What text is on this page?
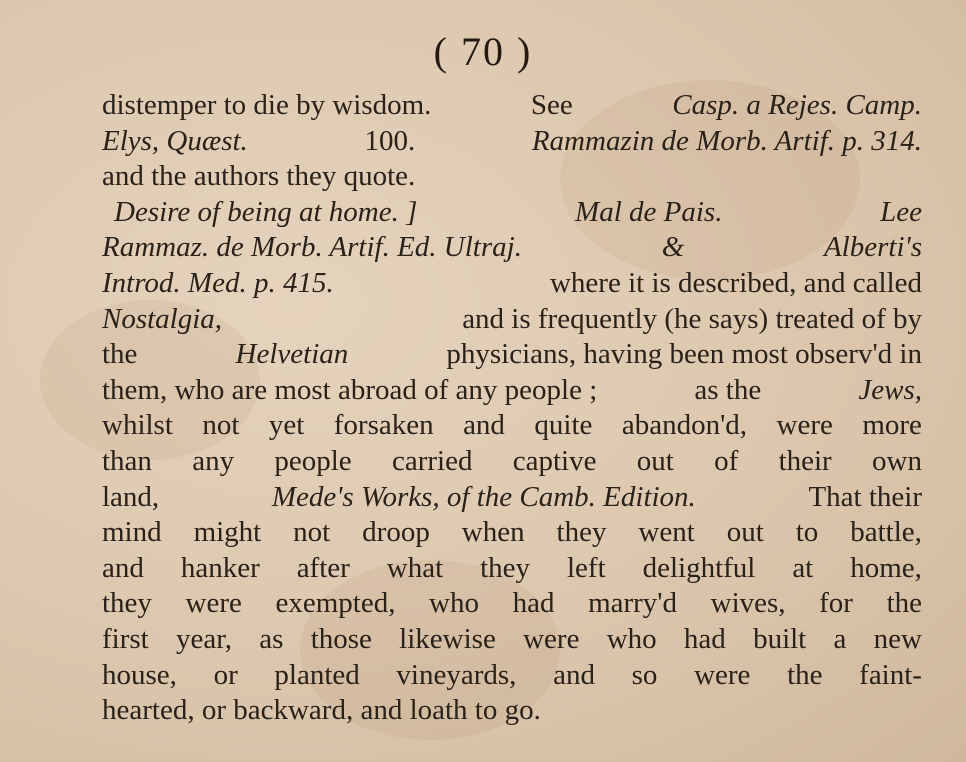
( 70 )
distemper to die by wisdom.	See	Casp. a Rejes. Camp.
Elys, Quæst.	100.	Rammazin de Morb. Artif. p. 314.
and the authors they quote.
Desire of being at home. ]	Mal de Pais.	Lee
Rammaz. de Morb. Artif. Ed. Ultraj.	&	Alberti's
Introd. Med. p. 415.	where it is described, and called
Nostalgia,	and is frequently (he says) treated of by
the	Helvetian	physicians, having been most observ'd in
them, who are most abroad of any people ;	as the	Jews,
whilst not yet forsaken and quite abandon'd, were more
than any people carried captive out of their own
land,	Mede's Works, of the Camb. Edition.	That their
mind might not droop when they went out to battle,
and hanker after what they left delightful at home,
they were exempted, who had marry'd wives, for the
first year, as those likewise were who had built a new
house, or planted vineyards, and so were the faint-
hearted, or backward, and loath to go.
